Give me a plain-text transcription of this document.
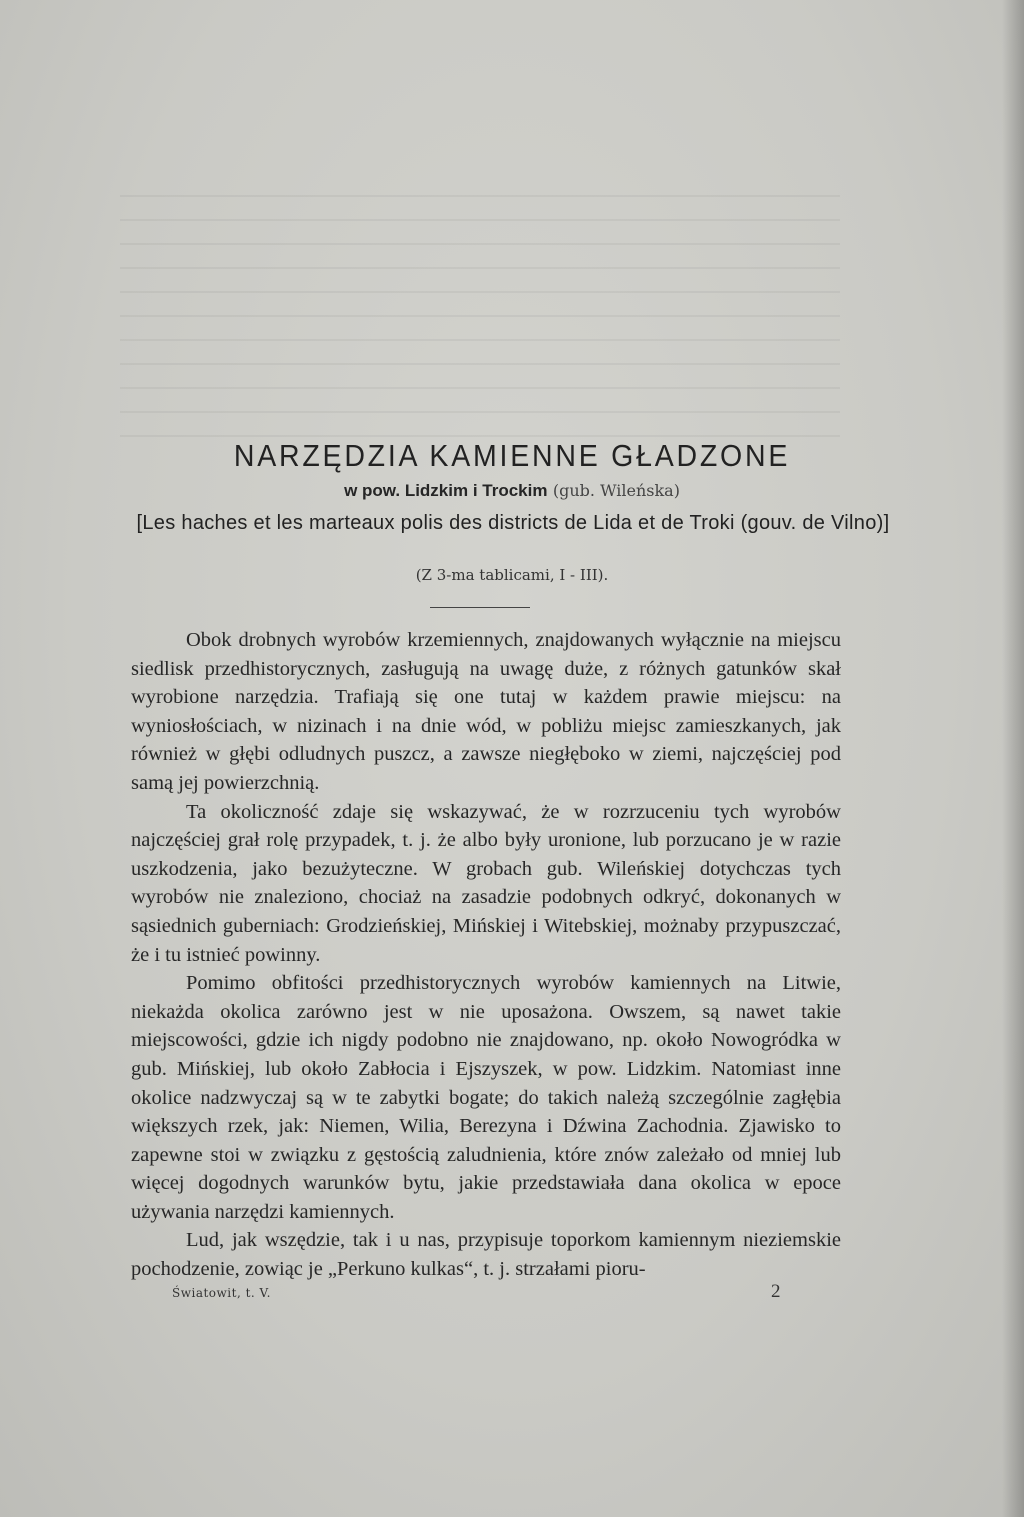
NARZĘDZIA KAMIENNE GŁADZONE
w pow. Lidzkim i Trockim (gub. Wileńska)
[Les haches et les marteaux polis des districts de Lida et de Troki (gouv. de Vilno)]
(Z 3-ma tablicami, I - III).

Obok drobnych wyrobów krzemiennych, znajdowanych wyłącznie na miejscu siedlisk przedhistorycznych, zasługują na uwagę duże, z różnych gatunków skał wyrobione narzędzia. Trafiają się one tutaj w każdem prawie miejscu: na wyniosłościach, w nizinach i na dnie wód, w pobliżu miejsc zamieszkanych, jak również w głębi odludnych puszcz, a zawsze niegłęboko w ziemi, najczęściej pod samą jej powierzchnią.

Ta okoliczność zdaje się wskazywać, że w rozrzuceniu tych wyrobów najczęściej grał rolę przypadek, t. j. że albo były uronione, lub porzucano je w razie uszkodzenia, jako bezużyteczne. W grobach gub. Wileńskiej dotychczas tych wyrobów nie znaleziono, chociaż na zasadzie podobnych odkryć, dokonanych w sąsiednich guberniach: Grodzieńskiej, Mińskiej i Witebskiej, możnaby przypuszczać, że i tu istnieć powinny.

Pomimo obfitości przedhistorycznych wyrobów kamiennych na Litwie, niekażda okolica zarówno jest w nie uposażona. Owszem, są nawet takie miejscowości, gdzie ich nigdy podobno nie znajdowano, np. około Nowogródka w gub. Mińskiej, lub około Zabłocia i Ejszyszek, w pow. Lidzkim. Natomiast inne okolice nadzwyczaj są w te zabytki bogate; do takich należą szczególnie zagłębia większych rzek, jak: Niemen, Wilia, Berezyna i Dźwina Zachodnia. Zjawisko to zapewne stoi w związku z gęstością zaludnienia, które znów zależało od mniej lub więcej dogodnych warunków bytu, jakie przedstawiała dana okolica w epoce używania narzędzi kamiennych.

Lud, jak wszędzie, tak i u nas, przypisuje toporkom kamiennym nieziemskie pochodzenie, zowiąc je „Perkuno kulkas“, t. j. strzałami pioru-

Światowit, t. V.	2
